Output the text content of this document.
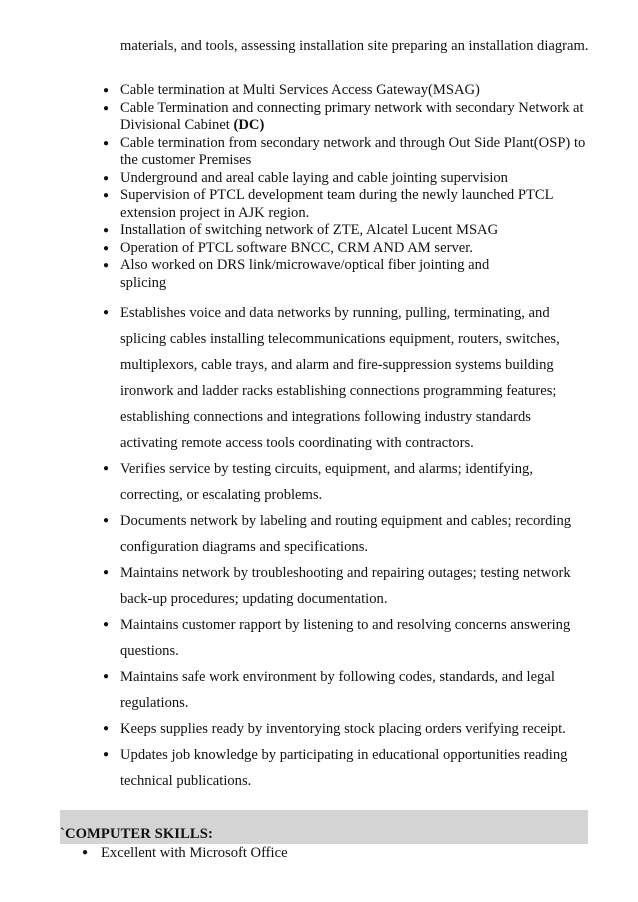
materials, and tools, assessing installation site preparing an installation diagram.
● Cable termination at Multi Services Access Gateway(MSAG)
● Cable Termination and connecting primary network with secondary Network at Divisional Cabinet (DC)
● Cable termination from secondary network and through Out Side Plant(OSP) to the customer Premises
● Underground and areal cable laying and cable jointing supervision
● Supervision of PTCL development team during the newly launched PTCL extension project in AJK region.
● Installation of switching network of ZTE, Alcatel Lucent MSAG
● Operation of PTCL software BNCC, CRM AND AM server.
● Also worked on DRS link/microwave/optical fiber jointing and splicing
● Establishes voice and data networks by running, pulling, terminating, and splicing cables installing telecommunications equipment, routers, switches, multiplexors, cable trays, and alarm and fire-suppression systems building ironwork and ladder racks establishing connections programming features; establishing connections and integrations following industry standards activating remote access tools coordinating with contractors.
● Verifies service by testing circuits, equipment, and alarms; identifying, correcting, or escalating problems.
● Documents network by labeling and routing equipment and cables; recording configuration diagrams and specifications.
● Maintains network by troubleshooting and repairing outages; testing network back-up procedures; updating documentation.
● Maintains customer rapport by listening to and resolving concerns answering questions.
● Maintains safe work environment by following codes, standards, and legal regulations.
● Keeps supplies ready by inventorying stock placing orders verifying receipt.
● Updates job knowledge by participating in educational opportunities reading technical publications.
`COMPUTER SKILLS:
● Excellent with Microsoft Office
